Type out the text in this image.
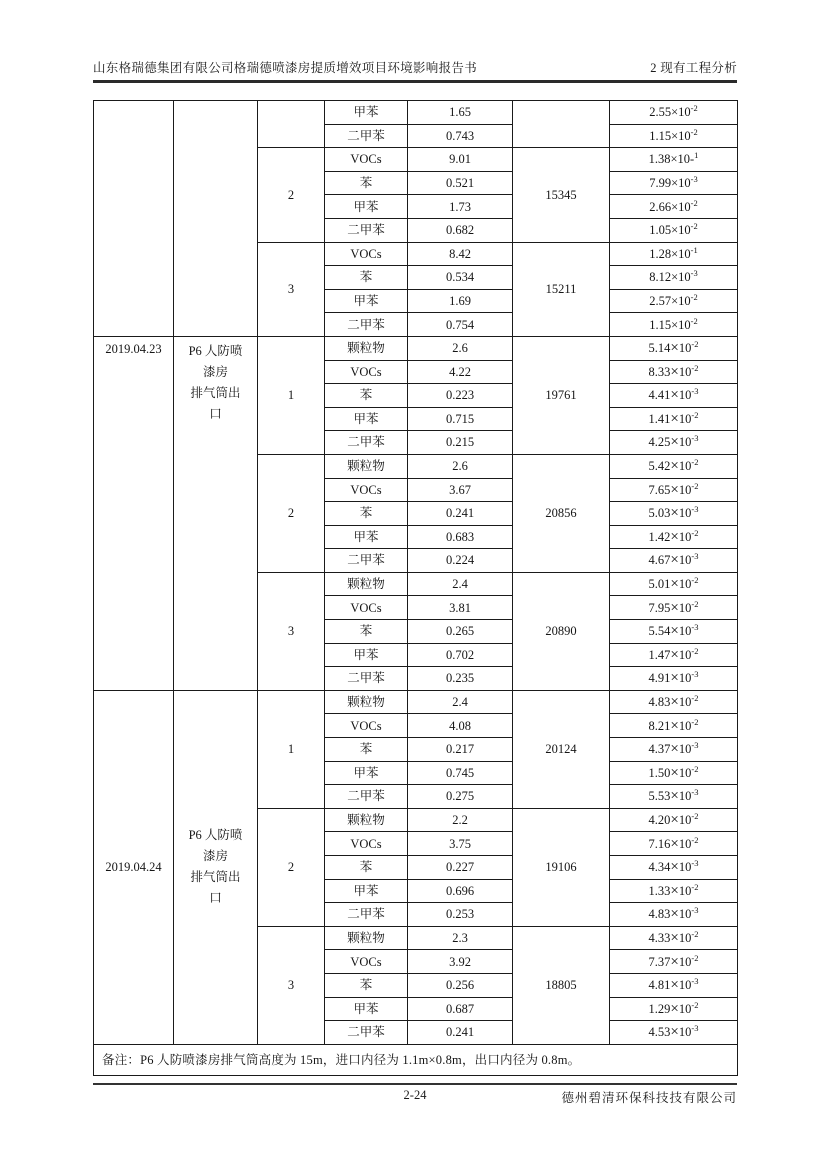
山东格瑞德集团有限公司格瑞德喷漆房提质增效项目环境影响报告书	2 现有工程分析
			甲苯	1.65		$2.55\times 10^{-2}$
			二甲苯	0.743		$1.15\times 10^{-2}$
		2	VOCs	9.01	15345	1.38×10-$^1$
			苯	0.521		$7.99\times 10^{-3}$
			甲苯	1.73		$2.66\times 10^{-2}$
			二甲苯	0.682		$1.05\times 10^{-2}$
		3	VOCs	8.42	15211	$1.28\times 10^{-1}$
			苯	0.534		$8.12\times 10^{-3}$
			甲苯	1.69		$2.57\times 10^{-2}$
			二甲苯	0.754		$1.15\times 10^{-2}$
2019.04.23	P6 人防喷
漆房
排气筒出
口	1	颗粒物	2.6	19761	$5.14\times 10^{-2}$
			VOCs	4.22		$8.33\times 10^{-2}$
			苯	0.223		$4.41\times 10^{-3}$
			甲苯	0.715		$1.41\times 10^{-2}$
			二甲苯	0.215		$4.25\times 10^{-3}$
		2	颗粒物	2.6	20856	$5.42\times 10^{-2}$
			VOCs	3.67		$7.65\times 10^{-2}$
			苯	0.241		$5.03\times 10^{-3}$
			甲苯	0.683		$1.42\times 10^{-2}$
			二甲苯	0.224		$4.67\times 10^{-3}$
		3	颗粒物	2.4	20890	$5.01\times 10^{-2}$
			VOCs	3.81		$7.95\times 10^{-2}$
			苯	0.265		$5.54\times 10^{-3}$
			甲苯	0.702		$1.47\times 10^{-2}$
			二甲苯	0.235		$4.91\times 10^{-3}$
2019.04.24	P6 人防喷
漆房
排气筒出
口	1	颗粒物	2.4	20124	$4.83\times 10^{-2}$
			VOCs	4.08		$8.21\times 10^{-2}$
			苯	0.217		$4.37\times 10^{-3}$
			甲苯	0.745		$1.50\times 10^{-2}$
			二甲苯	0.275		$5.53\times 10^{-3}$
		2	颗粒物	2.2	19106	$4.20\times 10^{-2}$
			VOCs	3.75		$7.16\times 10^{-2}$
			苯	0.227		$4.34\times 10^{-3}$
			甲苯	0.696		$1.33\times 10^{-2}$
			二甲苯	0.253		$4.83\times 10^{-3}$
		3	颗粒物	2.3	18805	$4.33\times 10^{-2}$
			VOCs	3.92		$7.37\times 10^{-2}$
			苯	0.256		$4.81\times 10^{-3}$
			甲苯	0.687		$1.29\times 10^{-2}$
			二甲苯	0.241		$4.53\times 10^{-3}$
备注：P6 人防喷漆房排气筒高度为 15m，进口内径为 1.1m×0.8m，出口内径为 0.8m。						
2-24	德州碧清环保科技技有限公司
